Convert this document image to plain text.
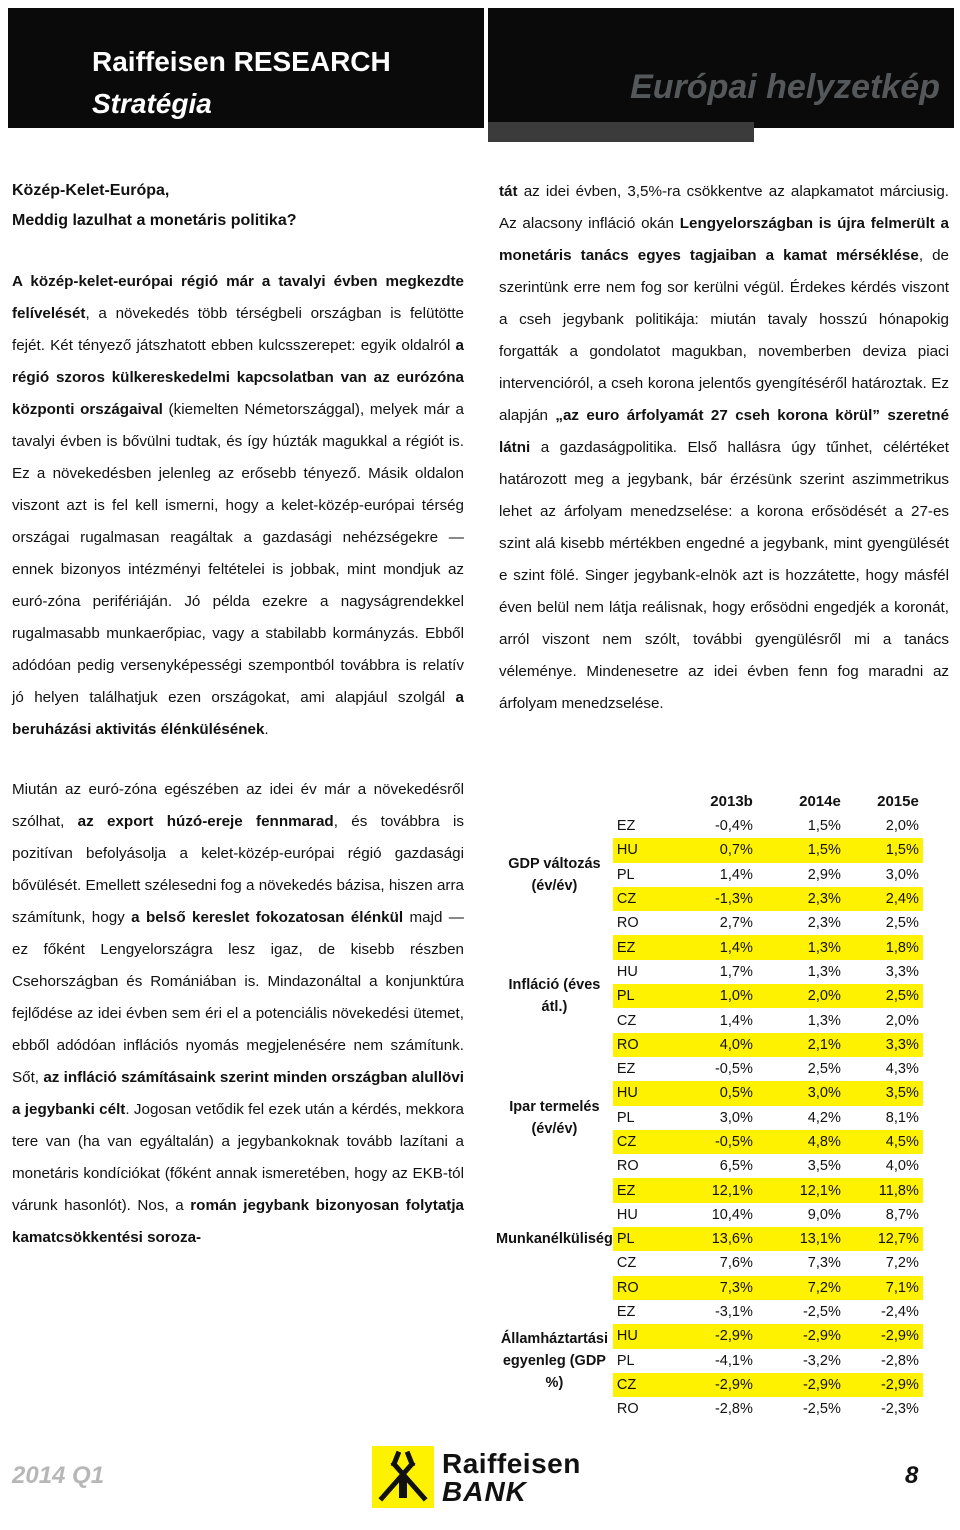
Raiffeisen RESEARCH
Stratégia	Európai helyzetkép
Közép-Kelet-Európa,
Meddig lazulhat a monetáris politika?

A közép-kelet-európai régió már a tavalyi évben megkezdte felívelését, a növekedés több térségbeli országban is felütötte fejét. Két tényező játszhatott ebben kulcsszerepet: egyik oldalról a régió szoros külkereskedelmi kapcsolatban van az eurózóna központi országaival (kiemelten Németországgal), melyek már a tavalyi évben is bővülni tudtak, és így húzták magukkal a régiót is. Ez a növekedésben jelenleg az erősebb tényező. Másik oldalon viszont azt is fel kell ismerni, hogy a kelet-közép-európai térség országai rugalmasan reagáltak a gazdasági nehézségekre ― ennek bizonyos intézményi feltételei is jobbak, mint mondjuk az euró-zóna perifériáján. Jó példa ezekre a nagyságrendekkel rugalmasabb munkaerőpiac, vagy a stabilabb kormányzás. Ebből adódóan pedig versenyképességi szempontból továbbra is relatív jó helyen találhatjuk ezen országokat, ami alapjául szolgál a beruházási aktivitás élénkülésének.

Miután az euró-zóna egészében az idei év már a növekedésről szólhat, az export húzó-ereje fennmarad, és továbbra is pozitívan befolyásolja a kelet-közép-európai régió gazdasági bővülését. Emellett szélesedni fog a növekedés bázisa, hiszen arra számítunk, hogy a belső kereslet fokozatosan élénkül majd ― ez főként Lengyelországra lesz igaz, de kisebb részben Csehországban és Romániában is. Mindazonáltal a konjunktúra fejlődése az idei évben sem éri el a potenciális növekedési ütemet, ebből adódóan inflációs nyomás megjelenésére nem számítunk. Sőt, az infláció számításaink szerint minden országban alullövi a jegybanki célt. Jogosan vetődik fel ezek után a kérdés, mekkora tere van (ha van egyáltalán) a jegybankoknak tovább lazítani a monetáris kondíciókat (főként annak ismeretében, hogy az EKB-tól várunk hasonlót). Nos, a román jegybank bizonyosan folytatja kamatcsökkentési soroza-

tát az idei évben, 3,5%-ra csökkentve az alapkamatot márciusig. Az alacsony infláció okán Lengyelországban is újra felmerült a monetáris tanács egyes tagjaiban a kamat mérséklése, de szerintünk erre nem fog sor kerülni végül. Érdekes kérdés viszont a cseh jegybank politikája: miután tavaly hosszú hónapokig forgatták a gondolatot magukban, novemberben deviza piaci intervencióról, a cseh korona jelentős gyengítéséről határoztak. Ez alapján „az euro árfolyamát 27 cseh korona körül” szeretné látni a gazdaságpolitika. Első hallásra úgy tűnhet, célértéket határozott meg a jegybank, bár érzésünk szerint aszimmetrikus lehet az árfolyam menedzselése: a korona erősödését a 27-es szint alá kisebb mértékben engedné a jegybank, mint gyengülését e szint fölé. Singer jegybank-elnök azt is hozzátette, hogy másfél éven belül nem látja reálisnak, hogy erősödni engedjék a koronát, arról viszont nem szólt, további gyengülésről mi a tanács véleménye. Mindenesetre az idei évben fenn fog maradni az árfolyam menedzselése.

		2013b	2014e	2015e
GDP változás (év/év)	EZ	-0,4%	1,5%	2,0%
	HU	0,7%	1,5%	1,5%
	PL	1,4%	2,9%	3,0%
	CZ	-1,3%	2,3%	2,4%
	RO	2,7%	2,3%	2,5%
Infláció (éves átl.)	EZ	1,4%	1,3%	1,8%
	HU	1,7%	1,3%	3,3%
	PL	1,0%	2,0%	2,5%
	CZ	1,4%	1,3%	2,0%
	RO	4,0%	2,1%	3,3%
Ipar termelés (év/év)	EZ	-0,5%	2,5%	4,3%
	HU	0,5%	3,0%	3,5%
	PL	3,0%	4,2%	8,1%
	CZ	-0,5%	4,8%	4,5%
	RO	6,5%	3,5%	4,0%
Munkanélküliség	EZ	12,1%	12,1%	11,8%
	HU	10,4%	9,0%	8,7%
	PL	13,6%	13,1%	12,7%
	CZ	7,6%	7,3%	7,2%
	RO	7,3%	7,2%	7,1%
Államháztartási egyenleg (GDP %)	EZ	-3,1%	-2,5%	-2,4%
	HU	-2,9%	-2,9%	-2,9%
	PL	-4,1%	-3,2%	-2,8%
	CZ	-2,9%	-2,9%	-2,9%
	RO	-2,8%	-2,5%	-2,3%
2014 Q1	Raiffeisen
BANK
8
